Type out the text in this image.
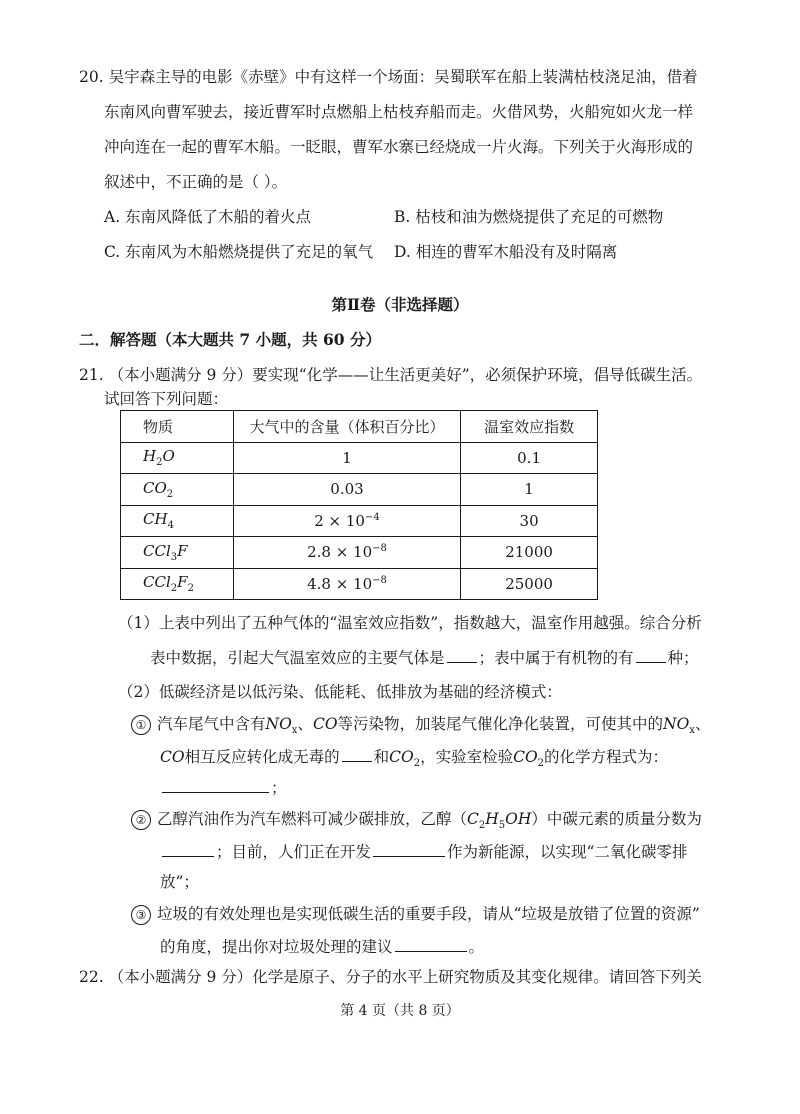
20. 吴宇森主导的电影《赤壁》中有这样一个场面：吴蜀联军在船上装满枯枝浇足油，借着
东南风向曹军驶去，接近曹军时点燃船上枯枝弃船而走。火借风势，火船宛如火龙一样
冲向连在一起的曹军木船。一眨眼，曹军水寨已经烧成一片火海。下列关于火海形成的
叙述中，不正确的是（ ）。
A. 东南风降低了木船的着火点	B. 枯枝和油为燃烧提供了充足的可燃物
C. 东南风为木船燃烧提供了充足的氧气 D. 相连的曹军木船没有及时隔离
第Ⅱ卷（非选择题）
二．解答题（本大题共 7 小题，共 60 分）
21. （本小题满分 9 分）要实现“化学——让生活更美好”，必须保护环境，倡导低碳生活。
试回答下列问题：
物质	大气中的含量（体积百分比）	温室效应指数
$H_2O$	1	0.1
$CO_2$	0.03	1
$CH_4$	$2 \times 10^{-4}$	30
CCl$_3$F	$2.8 \times 10^{-8}$	21000
$CCl_2F_2$	$4.8 \times 10^{-8}$	25000
（1）上表中列出了五种气体的“温室效应指数”，指数越大，温室作用越强。综合分析
表中数据，引起大气温室效应的主要气体是 ；表中属于有机物的有 种；
（2）低碳经济是以低污染、低能耗、低排放为基础的经济模式：
① 汽车尾气中含有$NO_x$、CO等污染物，加装尾气催化净化装置，可使其中的$NO_x$、
CO相互反应转化成无毒的 和$CO_2$，实验室检验$CO_2$的化学方程式为：
；
② 乙醇汽油作为汽车燃料可减少碳排放，乙醇$(C_2H_5OH)$中碳元素的质量分数为
；目前，人们正在开发	作为新能源，以实现“二氧化碳零排
放”；
③ 垃圾的有效处理也是实现低碳生活的重要手段，请从“垃圾是放错了位置的资源”
的角度，提出你对垃圾处理的建议	。
22. （本小题满分 9 分）化学是原子、分子的水平上研究物质及其变化规律。请回答下列关
第 4 页（共 8 页）
